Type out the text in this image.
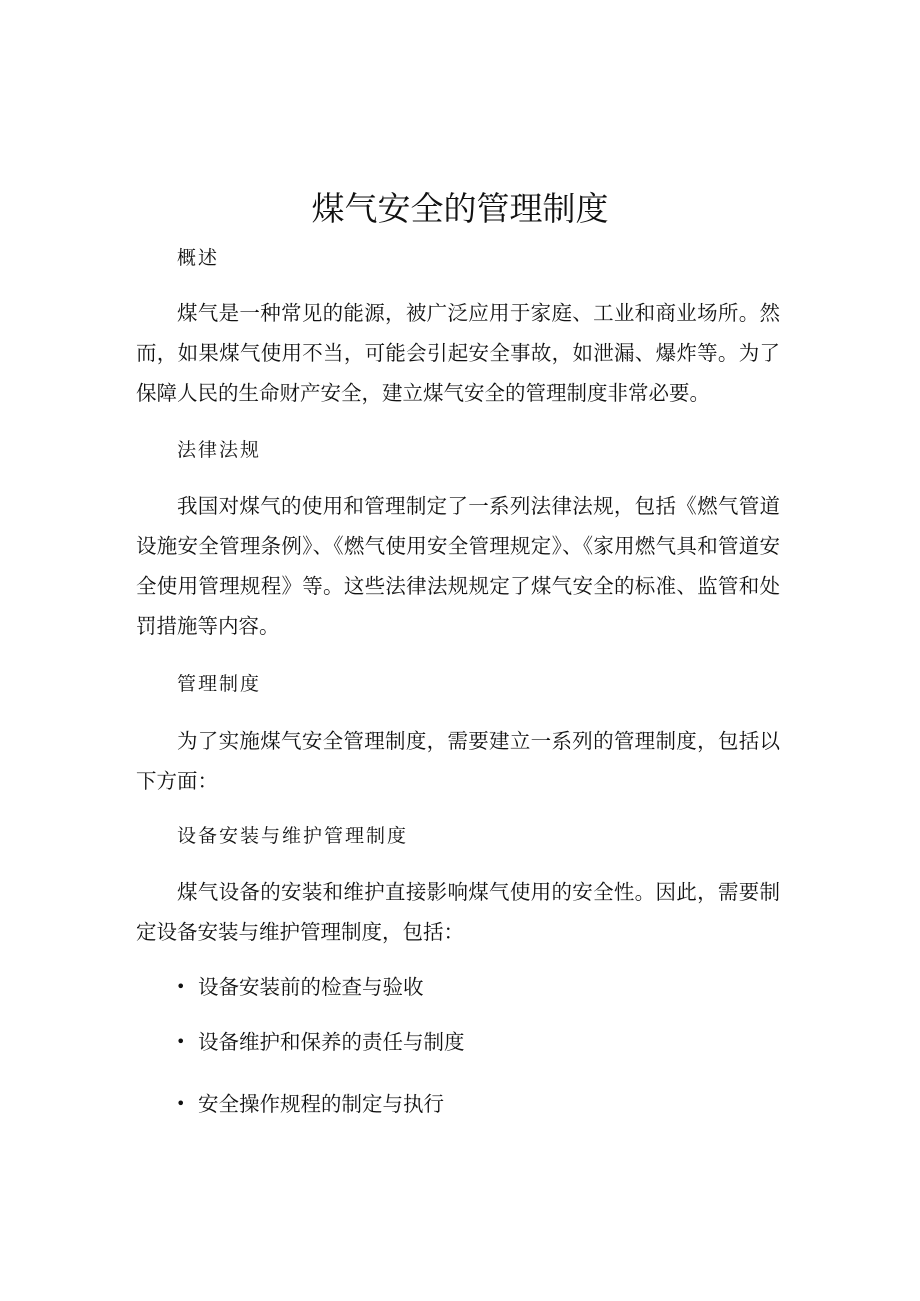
煤气安全的管理制度
概述

煤气是一种常见的能源，被广泛应用于家庭、工业和商业场所。然而，如果煤气使用不当，可能会引起安全事故，如泄漏、爆炸等。为了保障人民的生命财产安全，建立煤气安全的管理制度非常必要。

法律法规

我国对煤气的使用和管理制定了一系列法律法规，包括《燃气管道设施安全管理条例》、《燃气使用安全管理规定》、《家用燃气具和管道安全使用管理规程》等。这些法律法规规定了煤气安全的标准、监管和处罚措施等内容。

管理制度

为了实施煤气安全管理制度，需要建立一系列的管理制度，包括以下方面：

设备安装与维护管理制度

煤气设备的安装和维护直接影响煤气使用的安全性。因此，需要制定设备安装与维护管理制度，包括：

• 设备安装前的检查与验收
• 设备维护和保养的责任与制度
• 安全操作规程的制定与执行
